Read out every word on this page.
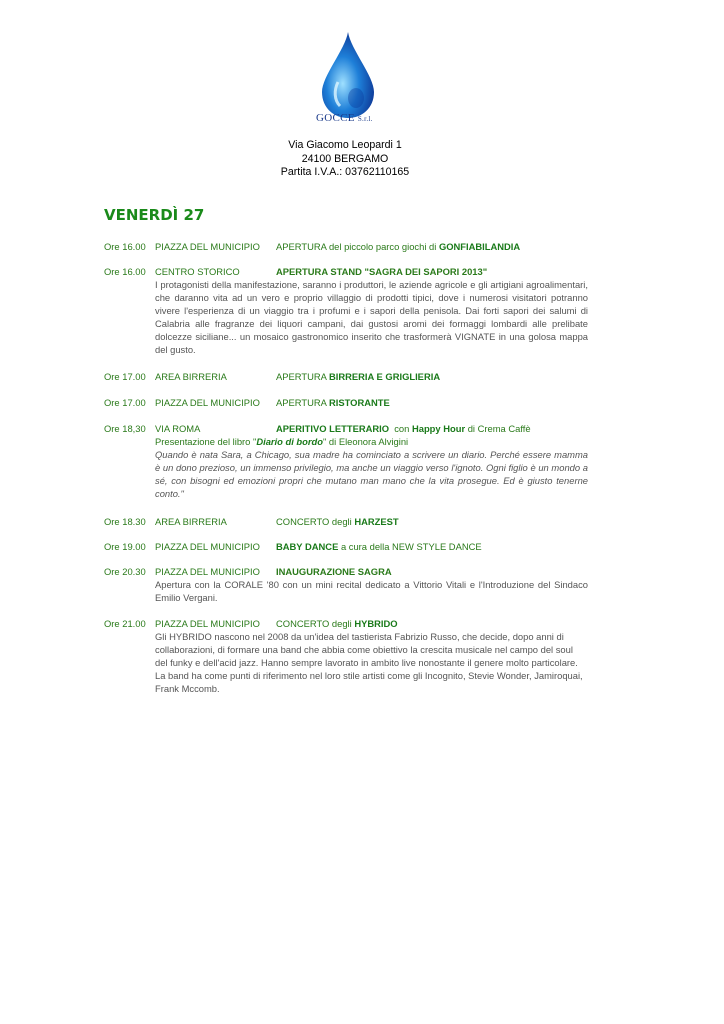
GOCCE S.r.l.
Via Giacomo Leopardi 1
24100 BERGAMO
Partita I.V.A.: 03762110165
VENERDÌ 27
Ore 16.00 PIAZZA DEL MUNICIPIO APERTURA del piccolo parco giochi di GONFIABILANDIA
Ore 16.00 CENTRO STORICO	APERTURA STAND "SAGRA DEI SAPORI 2013"
I protagonisti della manifestazione, saranno i produttori, le aziende agricole e gli artigiani agroalimentari, che daranno vita ad un vero e proprio villaggio di prodotti tipici, dove i numerosi visitatori potranno vivere l'esperienza di un viaggio tra i profumi e i sapori della penisola. Dai forti sapori dei salumi di Calabria alle fragranze dei liquori campani, dai gustosi aromi dei formaggi lombardi alle prelibate dolcezze siciliane... un mosaico gastronomico inserito che trasformerà VIGNATE in una golosa mappa del gusto.
Ore 17.00 AREA BIRRERIA	APERTURA BIRRERIA E GRIGLIERIA
Ore 17.00 PIAZZA DEL MUNICIPIO APERTURA RISTORANTE
Ore 18,30 VIA ROMA	APERITIVO LETTERARIO  con Happy Hour di Crema Caffè
Presentazione del libro "Diario di bordo" di Eleonora Alvigini
Quando è nata Sara, a Chicago, sua madre ha cominciato a scrivere un diario. Perché essere mamma è un dono prezioso, un immenso privilegio, ma anche un viaggio verso l'ignoto. Ogni figlio è un mondo a sé, con bisogni ed emozioni propri che mutano man mano che la vita prosegue. Ed è giusto tenerne conto."
Ore 18.30 AREA BIRRERIA	CONCERTO degli HARZEST
Ore 19.00 PIAZZA DEL MUNICIPIO BABY DANCE a cura della NEW STYLE DANCE
Ore 20.30 PIAZZA DEL MUNICIPIO INAUGURAZIONE SAGRA
Apertura con la CORALE '80 con un mini recital dedicato a Vittorio Vitali e l'Introduzione del Sindaco Emilio Vergani.
Ore 21.00 PIAZZA DEL MUNICIPIO CONCERTO degli HYBRIDO
Gli HYBRIDO nascono nel 2008 da un'idea del tastierista Fabrizio Russo, che decide, dopo anni di collaborazioni, di formare una band che abbia come obiettivo la crescita musicale nel campo del soul del funky e dell'acid jazz. Hanno sempre lavorato in ambito live nonostante il genere molto particolare. La band ha come punti di riferimento nel loro stile artisti come gli Incognito, Stevie Wonder, Jamiroquai, Frank Mccomb.
